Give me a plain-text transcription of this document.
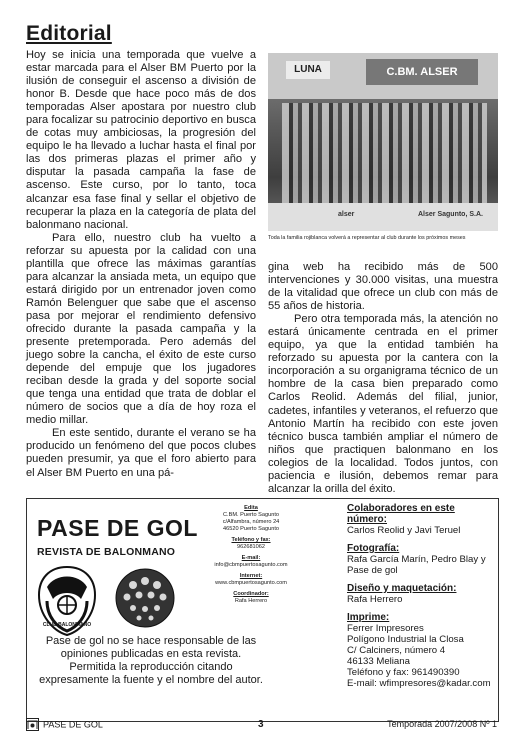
Editorial

Hoy se inicia una temporada que vuelve a estar marcada para el Alser BM Puerto por la ilusión de conseguir el ascenso a división de honor B. Desde que hace poco más de dos temporadas Alser apostara por nuestro club para focalizar su patrocinio deportivo en busca de cotas muy ambiciosas, la progresión del equipo le ha llevado a luchar hasta el final por las dos primeras plazas el primer año y disputar la pasada campaña la fase de ascenso. Este curso, por lo tanto, toca alcanzar esa fase final y sellar el objetivo de recuperar la plaza en la categoría de plata del balonmano nacional.

Para ello, nuestro club ha vuelto a reforzar su apuesta por la calidad con una plantilla que ofrece las máximas garantías para alcanzar la ansiada meta, un equipo que estará dirigido por un entrenador joven como Ramón Belenguer que sabe que el ascenso pasa por mejorar el rendimiento defensivo ofrecido durante la pasada campaña y la presente pretemporada. Pero además del juego sobre la cancha, el éxito de este curso depende del empuje que los jugadores reciban desde la grada y del soporte social que tenga una entidad que trata de doblar el número de socios que a día de hoy roza el medio millar.

En este sentido, durante el verano se ha producido un fenómeno del que pocos clubes pueden presumir, ya que el foro abierto para el Alser BM Puerto en una pá-

LUNA	C.BM. ALSER
alser	Alser Sagunto, S.A.
Toda la familia rojiblanca volverá a representar al club durante los próximos meses

gina web ha recibido más de 500 intervenciones y 30.000 visitas, una muestra de la vitalidad que ofrece un club con más de 55 años de historia.

Pero otra temporada más, la atención no estará únicamente centrada en el primer equipo, ya que la entidad también ha reforzado su apuesta por la cantera con la incorporación a su organigrama técnico de un hombre de la casa bien preparado como Carlos Reolid. Además del filial, junior, cadetes, infantiles y veteranos, el refuerzo que Antonio Martín ha recibido con este joven técnico busca también ampliar el número de niños que practiquen balonmano en los colegios de la localidad. Todos juntos, con paciencia e ilusión, debemos remar para alcanzar la orilla del éxito.

PASE DE GOL
REVISTA DE BALONMANO
CLUB BALONMANO
Pase de gol no se hace responsable de las opiniones publicadas en esta revista.
Permitida la reproducción citando expresamente la fuente y el nombre del autor.
Edita
C.BM. Puerto Sagunto
c/Alfambra, número 24
46520 Puerto Sagunto
Teléfono y fax:
962681062
E-mail:
info@cbmpuertosagunto.com
Internet:
www.cbmpuertosagunto.com
Coordinador:
Rafa Herrero
Colaboradores en este número:
Carlos Reolid y Javi Teruel
Fotografía:
Rafa García Marín, Pedro Blay y Pase de gol
Diseño y maquetación:
Rafa Herrero
Imprime:
Ferrer Impresores
Polígono Industrial la Closa
C/ Calciners, número 4
46133 Meliana
Teléfono y fax: 961490390
E-mail: wfimpresores@kadar.com
PASE DE GOL	3	Temporada 2007/2008 Nº 1
